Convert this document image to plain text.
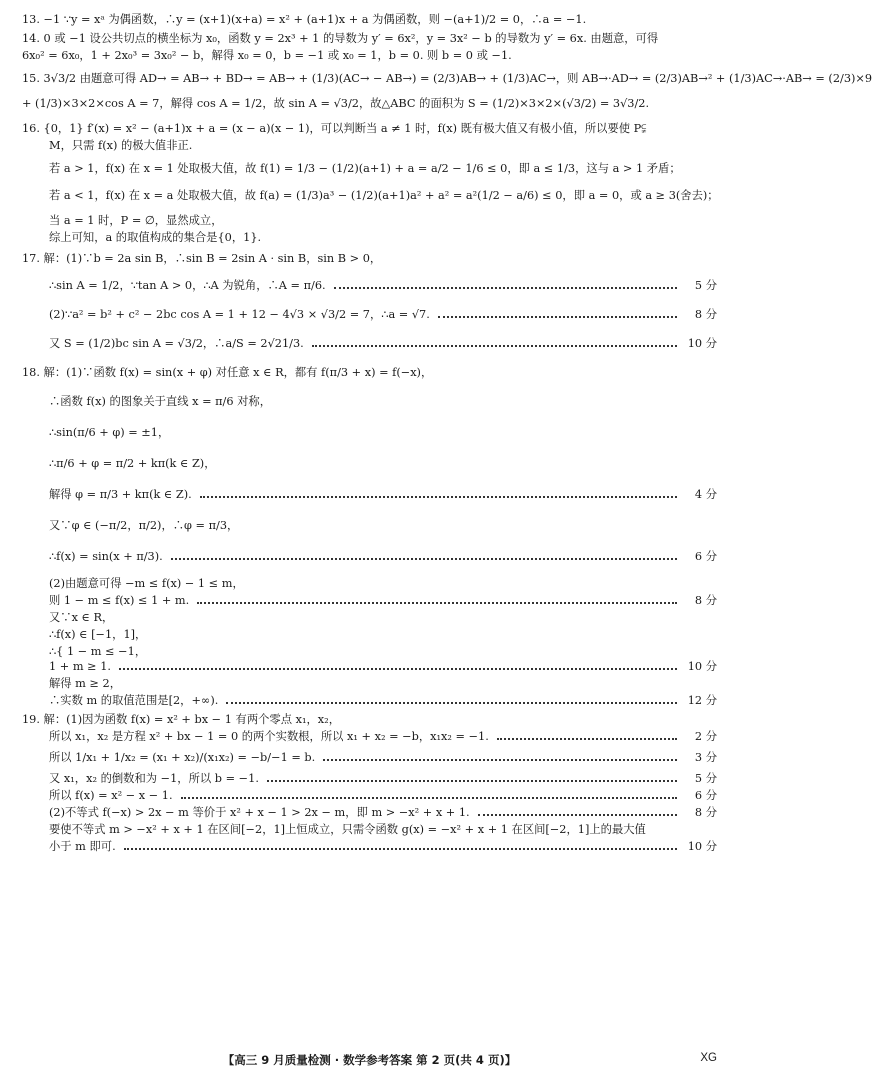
13. −1 ∵y = xᵃ 为偶函数，∴y = (x+1)(x+a) = x² + (a+1)x + a 为偶函数，则 −(a+1)/2 = 0，∴a = −1.
14. 0 或 −1 设公共切点的横坐标为 x₀，函数 y = 2x³ + 1 的导数为 y′ = 6x²，y = 3x² − b 的导数为 y′ = 6x. 由题意，可得
6x₀² = 6x₀，1 + 2x₀³ = 3x₀² − b，解得 x₀ = 0，b = −1 或 x₀ = 1，b = 0. 则 b = 0 或 −1.
15. 3√3/2 由题意可得 AD→ = AB→ + BD→ = AB→ + (1/3)(AC→ − AB→) = (2/3)AB→ + (1/3)AC→，则 AB→·AD→ = (2/3)AB→² + (1/3)AC→·AB→ = (2/3)×9
+ (1/3)×3×2×cos A = 7，解得 cos A = 1/2，故 sin A = √3/2，故△ABC 的面积为 S = (1/2)×3×2×(√3/2) = 3√3/2.
16. {0，1} f′(x) = x² − (a+1)x + a = (x − a)(x − 1)，可以判断当 a ≠ 1 时，f(x) 既有极大值又有极小值，所以要使 P⫋
M，只需 f(x) 的极大值非正.
若 a > 1，f(x) 在 x = 1 处取极大值，故 f(1) = 1/3 − (1/2)(a+1) + a = a/2 − 1/6 ≤ 0，即 a ≤ 1/3，这与 a > 1 矛盾；
若 a < 1，f(x) 在 x = a 处取极大值，故 f(a) = (1/3)a³ − (1/2)(a+1)a² + a² = a²(1/2 − a/6) ≤ 0，即 a = 0，或 a ≥ 3(舍去)；
当 a = 1 时，P = ∅，显然成立，
综上可知，a 的取值构成的集合是{0，1}.
17. 解：(1)∵b = 2a sin B，∴sin B = 2sin A · sin B，sin B > 0，
∴sin A = 1/2，∵tan A > 0，∴A 为锐角，∴A = π/6.	5 分
(2)∵a² = b² + c² − 2bc cos A = 1 + 12 − 4√3 × √3/2 = 7，∴a = √7.	8 分
又 S = (1/2)bc sin A = √3/2，∴a/S = 2√21/3.	10 分
18. 解：(1)∵函数 f(x) = sin(x + φ) 对任意 x ∈ R，都有 f(π/3 + x) = f(−x)，
∴函数 f(x) 的图象关于直线 x = π/6 对称，
∴sin(π/6 + φ) = ±1，
∴π/6 + φ = π/2 + kπ(k ∈ Z)，
解得 φ = π/3 + kπ(k ∈ Z).	4 分
又∵φ ∈ (−π/2，π/2)，∴φ = π/3，
∴f(x) = sin(x + π/3).	6 分
(2)由题意可得 −m ≤ f(x) − 1 ≤ m，
则 1 − m ≤ f(x) ≤ 1 + m.	8 分
又∵x ∈ R，
∴f(x) ∈ [−1，1]，
∴{ 1 − m ≤ −1，
1 + m ≥ 1.	10 分
解得 m ≥ 2，
∴实数 m 的取值范围是[2，+∞).	12 分
19. 解：(1)因为函数 f(x) = x² + bx − 1 有两个零点 x₁，x₂，
所以 x₁，x₂ 是方程 x² + bx − 1 = 0 的两个实数根，所以 x₁ + x₂ = −b，x₁x₂ = −1.	2 分
所以 1/x₁ + 1/x₂ = (x₁ + x₂)/(x₁x₂) = −b/−1 = b.	3 分
又 x₁，x₂ 的倒数和为 −1，所以 b = −1.	5 分
所以 f(x) = x² − x − 1.	6 分
(2)不等式 f(−x) > 2x − m 等价于 x² + x − 1 > 2x − m，即 m > −x² + x + 1.	8 分
要使不等式 m > −x² + x + 1 在区间[−2，1]上恒成立，只需令函数 g(x) = −x² + x + 1 在区间[−2，1]上的最大值
小于 m 即可.	10 分
【高三 9 月质量检测 · 数学参考答案 第 2 页(共 4 页)】	XG
